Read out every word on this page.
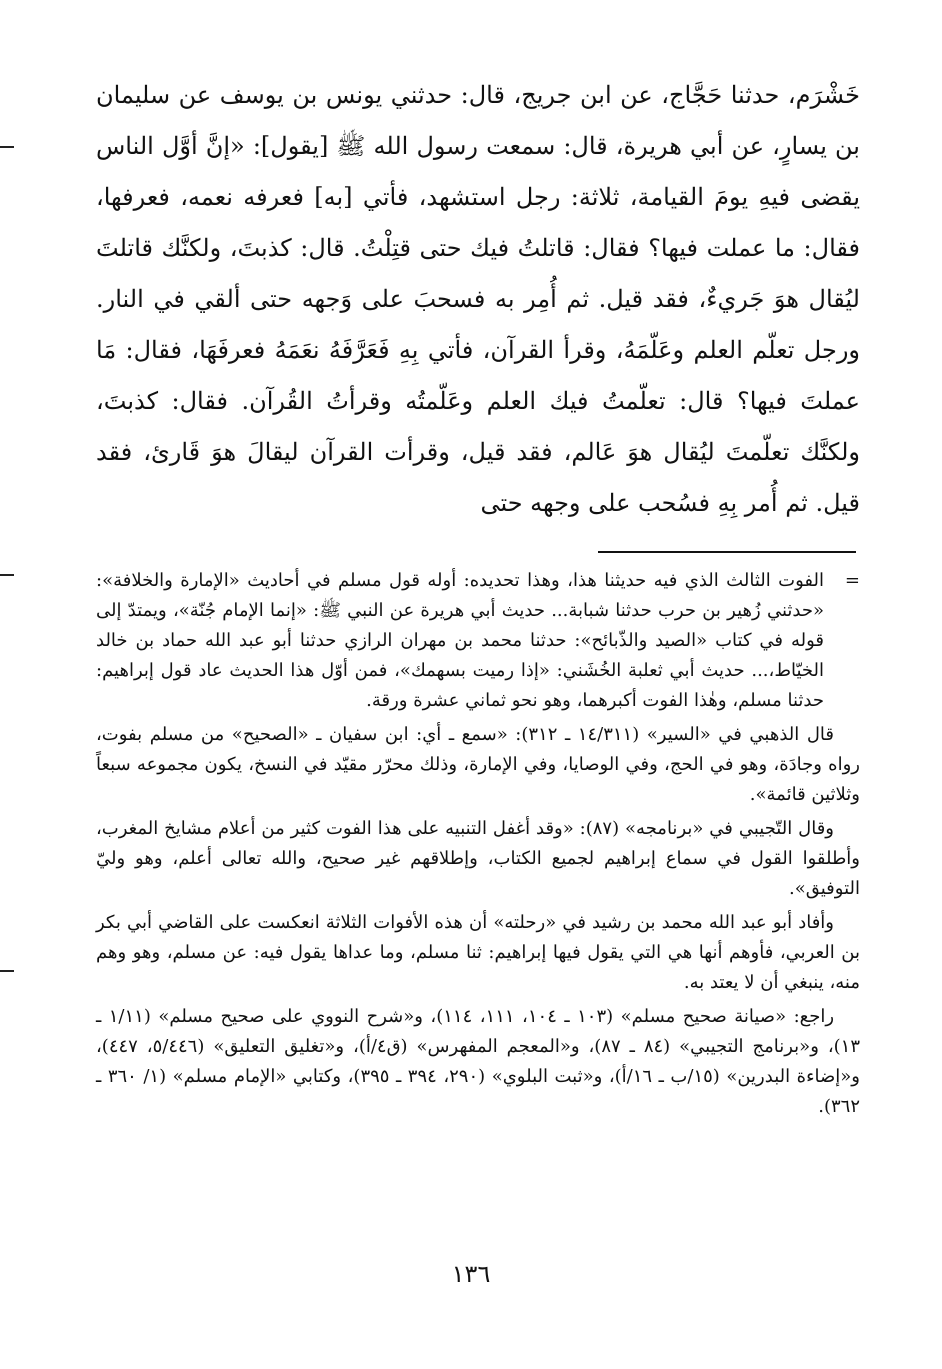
خَشْرَم، حدثنا حَجَّاج، عن ابن جريج، قال: حدثني يونس بن يوسف عن سليمان بن يسارٍ، عن أبي هريرة، قال: سمعت رسول الله ﷺ [يقول]: «إنَّ أوَّل الناس يقضى فيهِ يومَ القيامة، ثلاثة: رجل استشهد، فأتي [به] فعرفه نعمه، فعرفها، فقال: ما عملت فيها؟ فقال: قاتلتُ فيك حتى قتِلْتُ. قال: كذبتَ، ولكنَّك قاتلتَ ليُقال هوَ جَريءٌ، فقد قيل. ثم أُمِر به فسحبَ على وَجهه حتى ألقي في النار. ورجل تعلّم العلم وعَلّمَهُ، وقرأ القرآن، فأتي بِهِ فَعَرَّفَهُ نعَمَهُ فعرفَهَا، فقال: مَا عملتَ فيها؟ قال: تعلّمتُ فيك العلم وعَلّمتُه وقرأتُ القُرآن. فقال: كذبتَ، ولكنَّك تعلّمتَ ليُقال هوَ عَالم، فقد قيل، وقرأت القرآن ليقالَ هوَ قَارئ، فقد قيل. ثم أُمر بِهِ فسُحب على وجهه حتى

=
الفوت الثالث الذي فيه حديثنا هذا، وهذا تحديده: أوله قول مسلم في أحاديث «الإمارة والخلافة»: «حدثني زُهير بن حرب حدثنا شبابة... حديث أبي هريرة عن النبي ﷺ: «إنما الإمام جُنّة»، ويمتدّ إلى قوله في كتاب «الصيد والذّبائح»: حدثنا محمد بن مهران الرازي حدثنا أبو عبد الله حماد بن خالد الخيّاط،... حديث أبي ثعلبة الخُشَني: «إذا رميت بسهمك»، فمن أوّل هذا الحديث عاد قول إبراهيم: حدثنا مسلم، وهٰذا الفوت أكبرهما، وهو نحو ثماني عشرة ورقة.

قال الذهبي في «السير» (١٤/٣١١ ـ ٣١٢): «سمع ـ أي: ابن سفيان ـ «الصحيح» من مسلم بفوت، رواه وجادَة، وهو في الحج، وفي الوصايا، وفي الإمارة، وذلك محرّر مقيّد في النسخ، يكون مجموعه سبعاً وثلاثين قائمة».

وقال التّجيبي في «برنامجه» (٨٧): «وقد أغفل التنبيه على هذا الفوت كثير من أعلام مشايخ المغرب، وأطلقوا القول في سماع إبراهيم لجميع الكتاب، وإطلاقهم غير صحيح، والله تعالى أعلم، وهو وليّ التوفيق».

وأفاد أبو عبد الله محمد بن رشيد في «رحلته» أن هذه الأفوات الثلاثة انعكست على القاضي أبي بكر بن العربي، فأوهم أنها هي التي يقول فيها إبراهيم: ثنا مسلم، وما عداها يقول فيه: عن مسلم، وهو وهم منه، ينبغي أن لا يعتد به.

راجع: «صيانة صحيح مسلم» (١٠٣ ـ ١٠٤، ١١١، ١١٤)، و«شرح النووي على صحيح مسلم» (١/١١ ـ ١٣)، و«برنامج التجيبي» (٨٤ ـ ٨٧)، و«المعجم المفهرس» (ق٤/أ)، و«تغليق التعليق» (٥/٤٤٦، ٤٤٧)، و«إضاءة البدرين» (١٥/ب ـ ١٦/أ)، و«ثبت البلوي» (٢٩٠، ٣٩٤ ـ ٣٩٥)، وكتابي «الإمام مسلم» (١/ ٣٦٠ ـ ٣٦٢).

١٣٦
